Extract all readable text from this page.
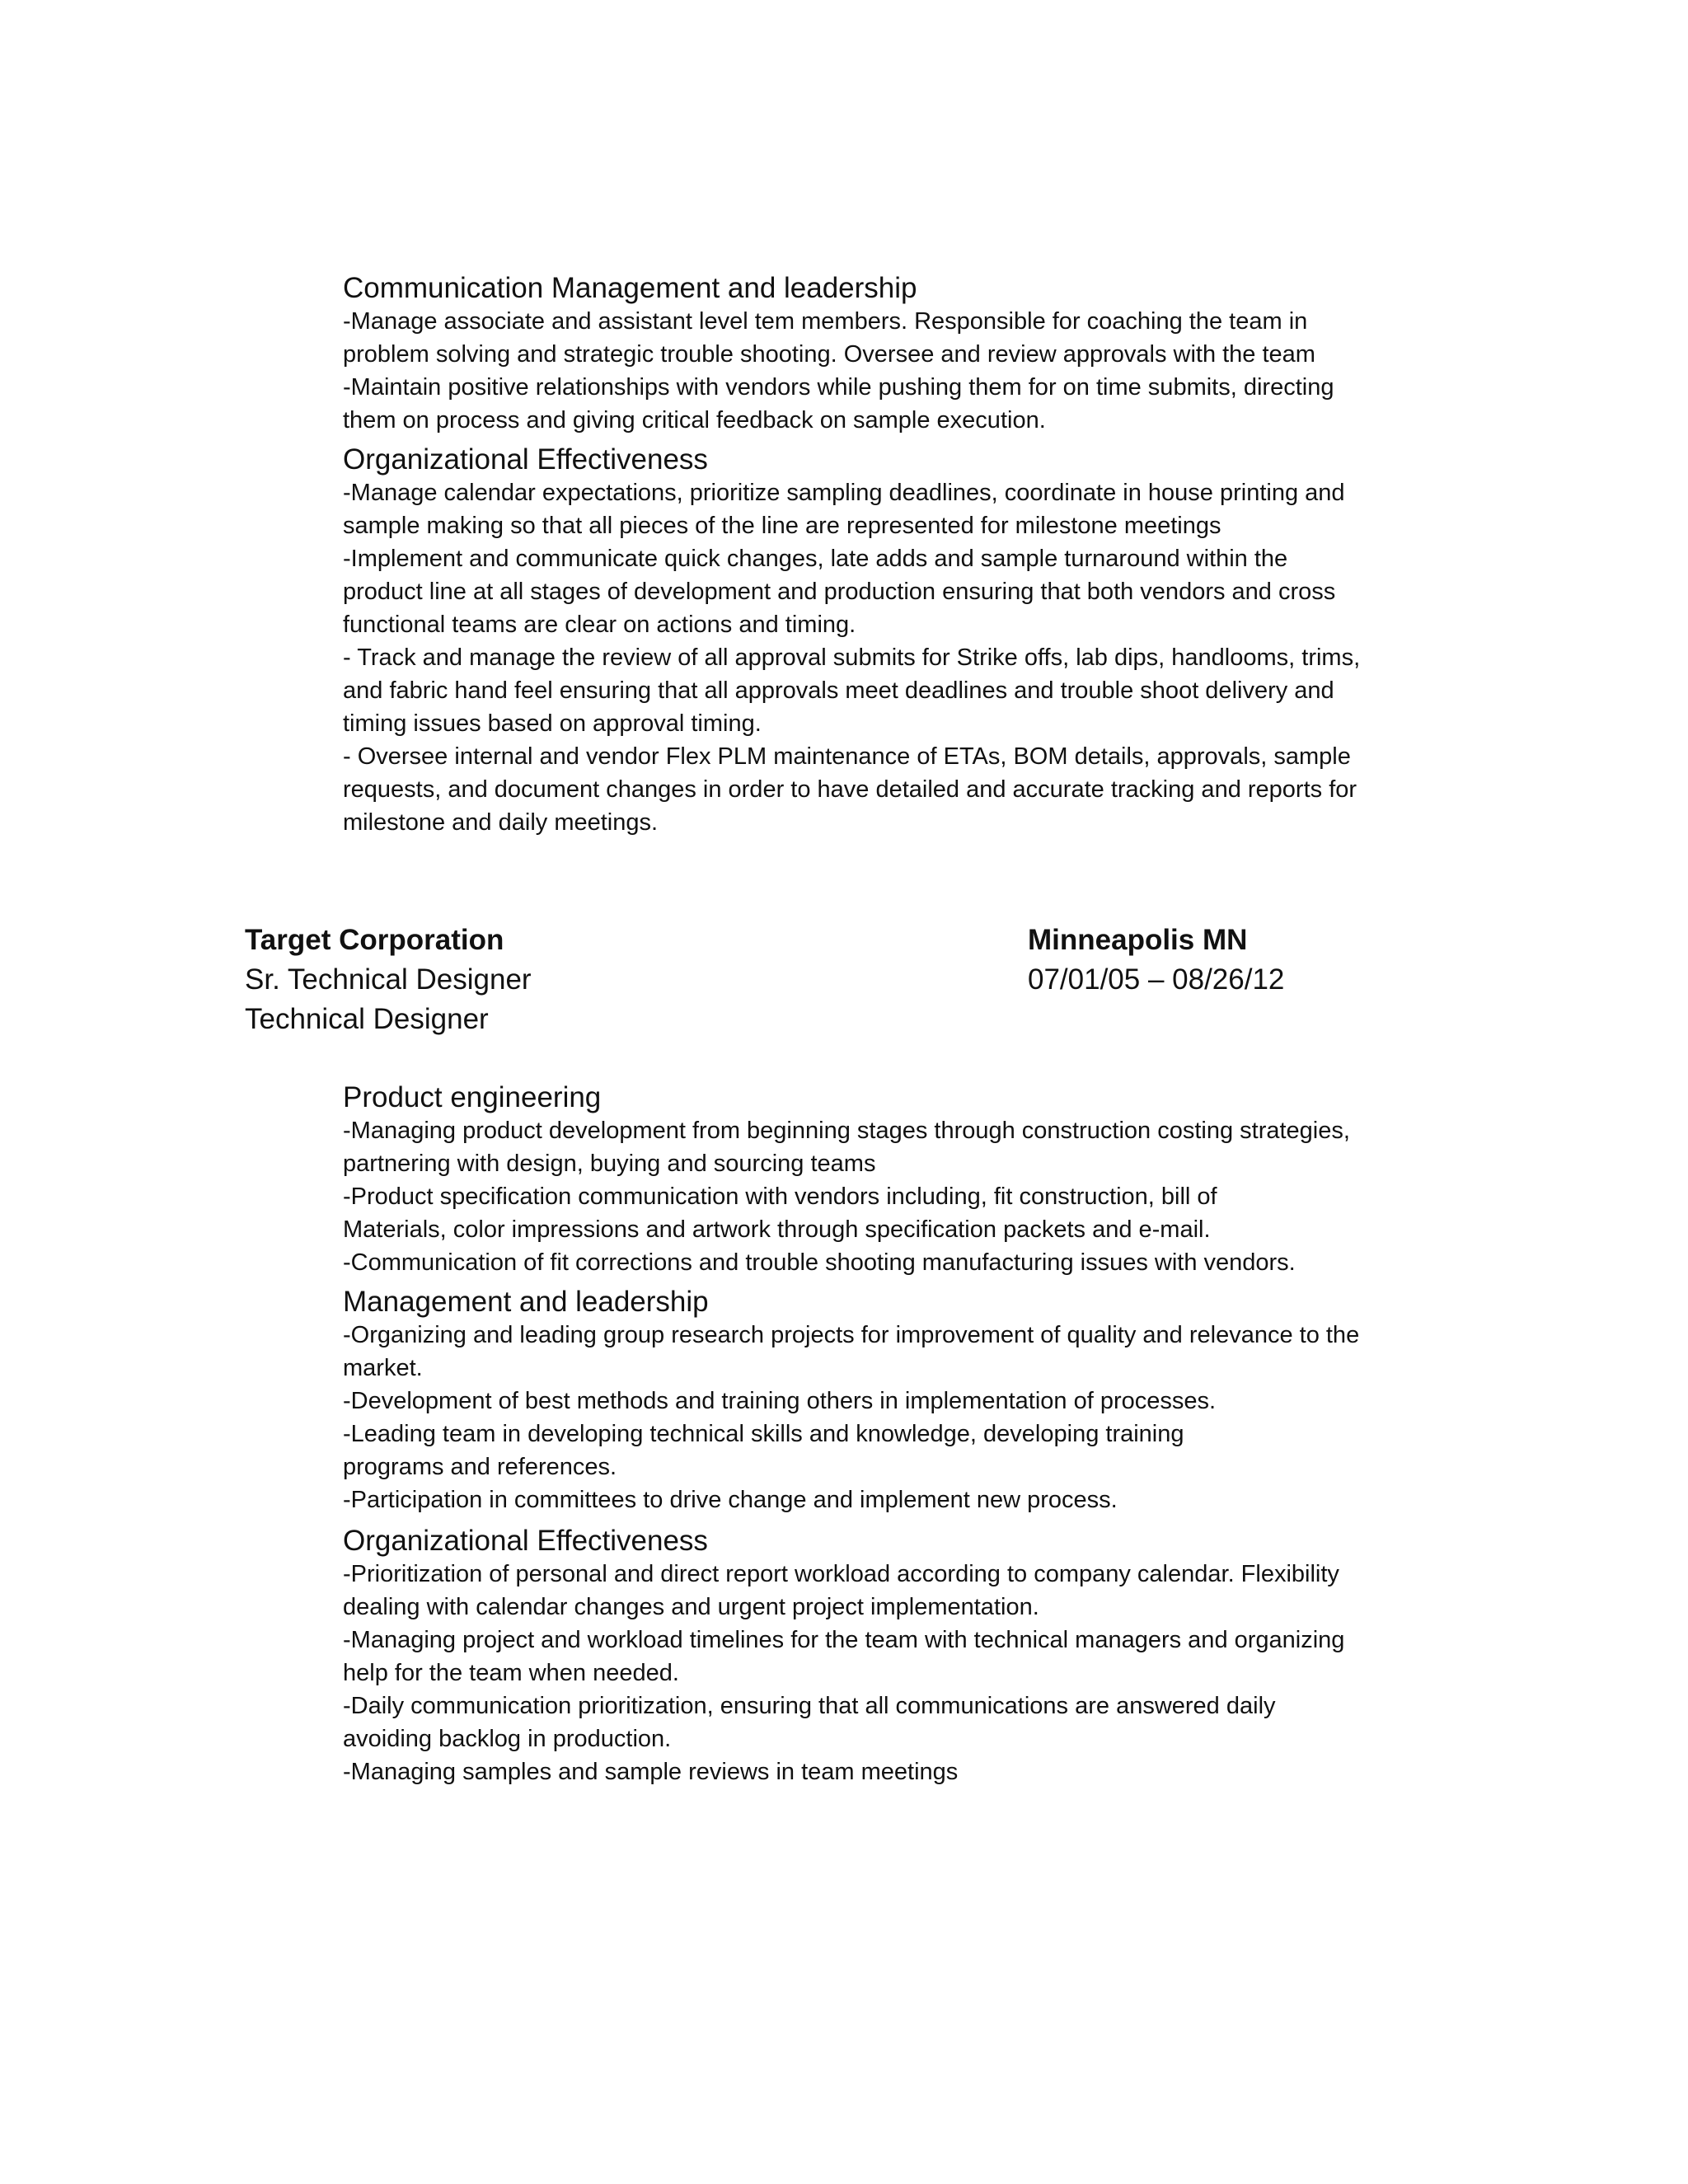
Communication Management and leadership

-Manage associate and assistant level tem members. Responsible for coaching the team in

problem solving and strategic trouble shooting. Oversee and review approvals with the team

-Maintain positive relationships with vendors while pushing them for on time submits, directing

them on process and giving critical feedback on sample execution.

Organizational Effectiveness

-Manage calendar expectations, prioritize sampling deadlines, coordinate in house printing and

sample making so that all pieces of the line are represented for milestone meetings

-Implement and communicate quick changes, late adds and sample turnaround within the

product line at all stages of development and production ensuring that both vendors and cross

functional teams are clear on actions and timing.

- Track and manage the review of all approval submits for Strike offs, lab dips, handlooms, trims,

and fabric hand feel ensuring that all approvals meet deadlines and trouble shoot delivery and

timing issues based on approval timing.

- Oversee internal and vendor Flex PLM maintenance of ETAs, BOM details, approvals, sample

requests, and document changes in order to have detailed and accurate tracking and reports for

milestone and daily meetings.

Target Corporation

Sr. Technical Designer

Technical Designer

Minneapolis MN

07/01/05 – 08/26/12

Product engineering

-Managing product development from beginning stages through construction costing strategies,

partnering with design, buying and sourcing teams

-Product specification communication with vendors including, fit construction, bill of

Materials, color impressions and artwork through specification packets and e-mail.

-Communication of fit corrections and trouble shooting manufacturing issues with vendors.

Management and leadership

-Organizing and leading group research projects for improvement of quality and relevance to the

market.

-Development of best methods and training others in implementation of processes.

-Leading team in developing technical skills and knowledge, developing training

programs and references.

-Participation in committees to drive change and implement new process.

Organizational Effectiveness

-Prioritization of personal and direct report workload according to company calendar. Flexibility

dealing with calendar changes and urgent project implementation.

-Managing project and workload timelines for the team with technical managers and organizing

help for the team when needed.

-Daily communication prioritization, ensuring that all communications are answered daily

avoiding backlog in production.

-Managing samples and sample reviews in team meetings
